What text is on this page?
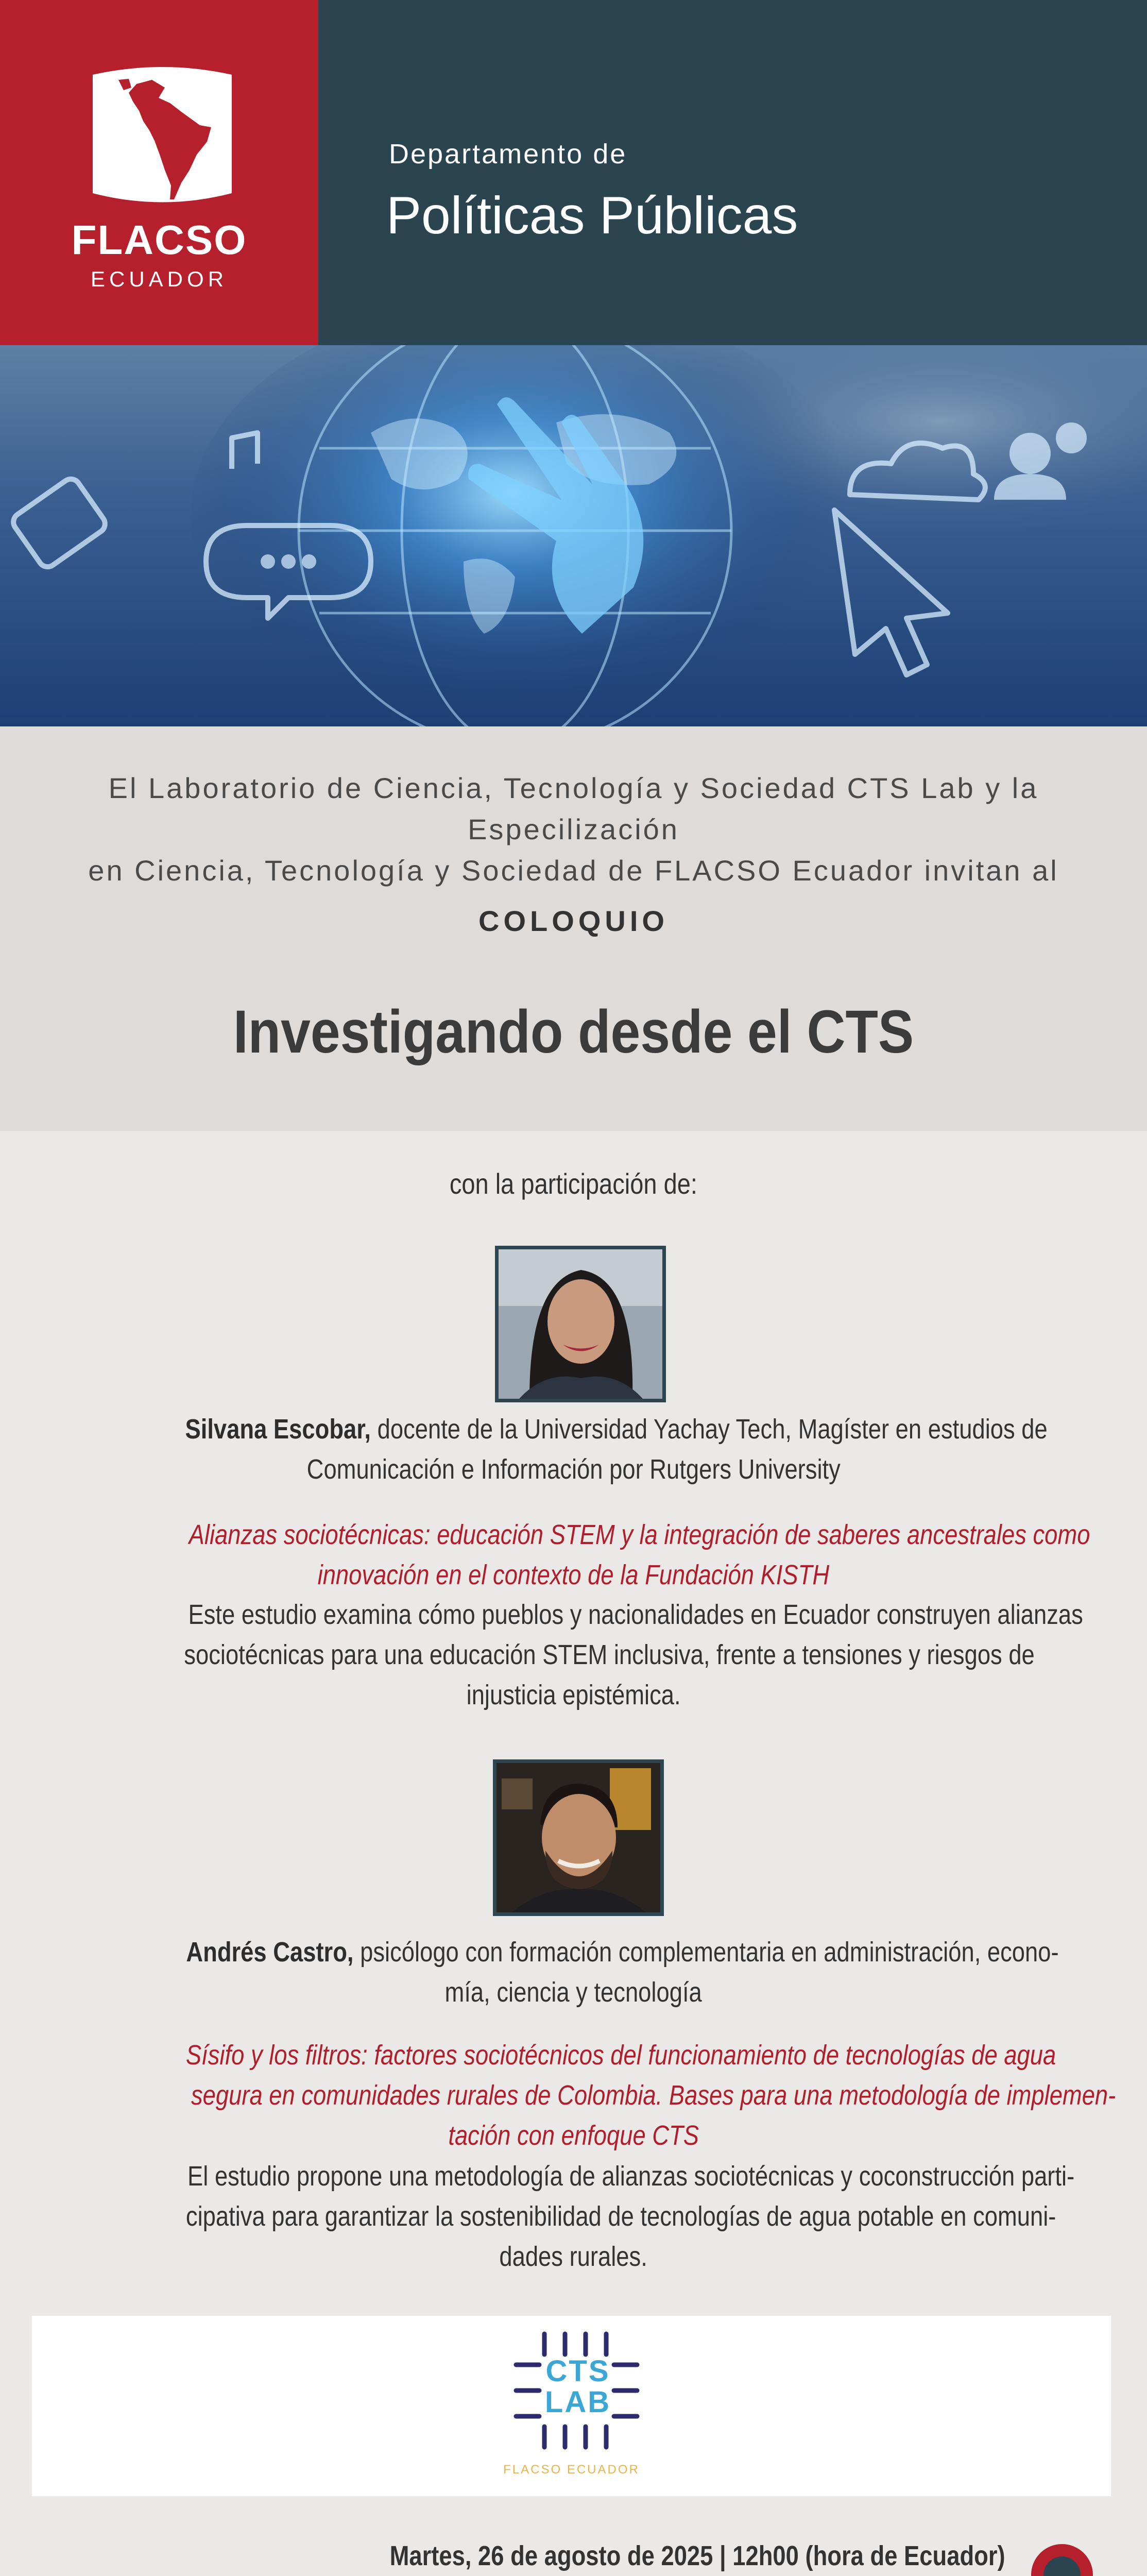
FLACSO
ECUADOR
Departamento de
Políticas Públicas
El Laboratorio de Ciencia, Tecnología y Sociedad CTS Lab y la Especilización
en Ciencia, Tecnología y Sociedad de FLACSO Ecuador invitan al
COLOQUIO
Investigando desde el CTS
con la participación de:
Silvana Escobar, docente de la Universidad Yachay Tech, Magíster en estudios de
Comunicación e Información por Rutgers University
Alianzas sociotécnicas: educación STEM y la integración de saberes ancestrales como
innovación en el contexto de la Fundación KISTH
Este estudio examina cómo pueblos y nacionalidades en Ecuador construyen alianzas
sociotécnicas para una educación STEM inclusiva, frente a tensiones y riesgos de
injusticia epistémica.
Andrés Castro, psicólogo con formación complementaria en administración, econo-
mía, ciencia y tecnología
Sísifo y los filtros: factores sociotécnicos del funcionamiento de tecnologías de agua
segura en comunidades rurales de Colombia. Bases para una metodología de implemen-
tación con enfoque CTS
El estudio propone una metodología de alianzas sociotécnicas y coconstrucción parti-
cipativa para garantizar la sostenibilidad de tecnologías de agua potable en comuni-
dades rurales.
CTS
LAB
FLACSO ECUADOR
Martes, 26 de agosto de 2025 | 12h00 (hora de Ecuador)
